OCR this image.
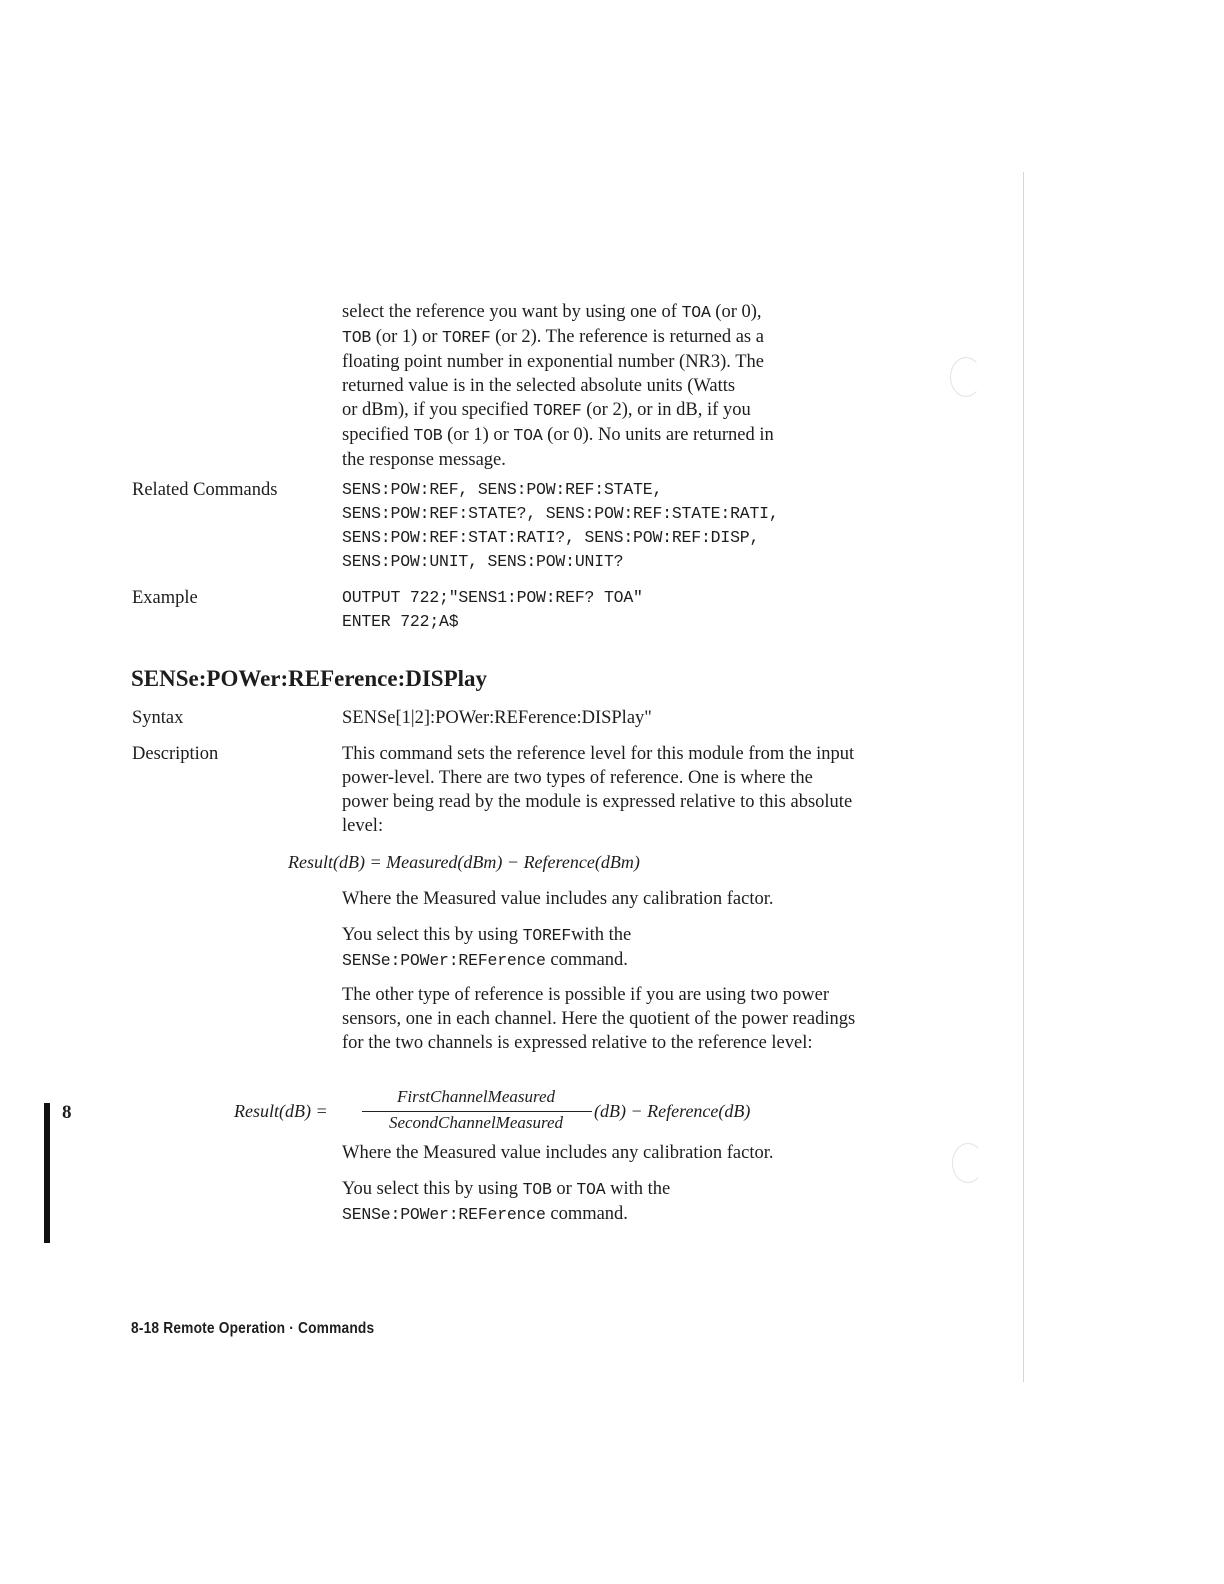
select the reference you want by using one of TOA (or 0),
TOB (or 1) or TOREF (or 2). The reference is returned as a
floating point number in exponential number (NR3). The
returned value is in the selected absolute units (Watts
or dBm), if you specified TOREF (or 2), or in dB, if you
specified TOB (or 1) or TOA (or 0). No units are returned in
the response message.
Related Commands	SENS:POW:REF, SENS:POW:REF:STATE,
SENS:POW:REF:STATE?, SENS:POW:REF:STATE:RATI,
SENS:POW:REF:STAT:RATI?, SENS:POW:REF:DISP,
SENS:POW:UNIT, SENS:POW:UNIT?
Example	OUTPUT 722;"SENS1:POW:REF? TOA"
ENTER 722;A$
SENSe:POWer:REFerence:DISPlay
Syntax	SENSe[1|2]:POWer:REFerence:DISPlay"
Description	This command sets the reference level for this module from the input power-level. There are two types of reference. One is where the power being read by the module is expressed relative to this absolute level:
Result(dB) = Measured(dBm) − Reference(dBm)
Where the Measured value includes any calibration factor.
You select this by using TOREFwith the
SENSe:POWer:REFerence command.
The other type of reference is possible if you are using two power sensors, one in each channel. Here the quotient of the power readings for the two channels is expressed relative to the reference level:
Result(dB) =
FirstChannelMeasured
SecondChannelMeasured
(dB) − Reference(dB)
Where the Measured value includes any calibration factor.
You select this by using TOB or TOA with the
SENSe:POWer:REFerence command.
8
8-18 Remote Operation · Commands
